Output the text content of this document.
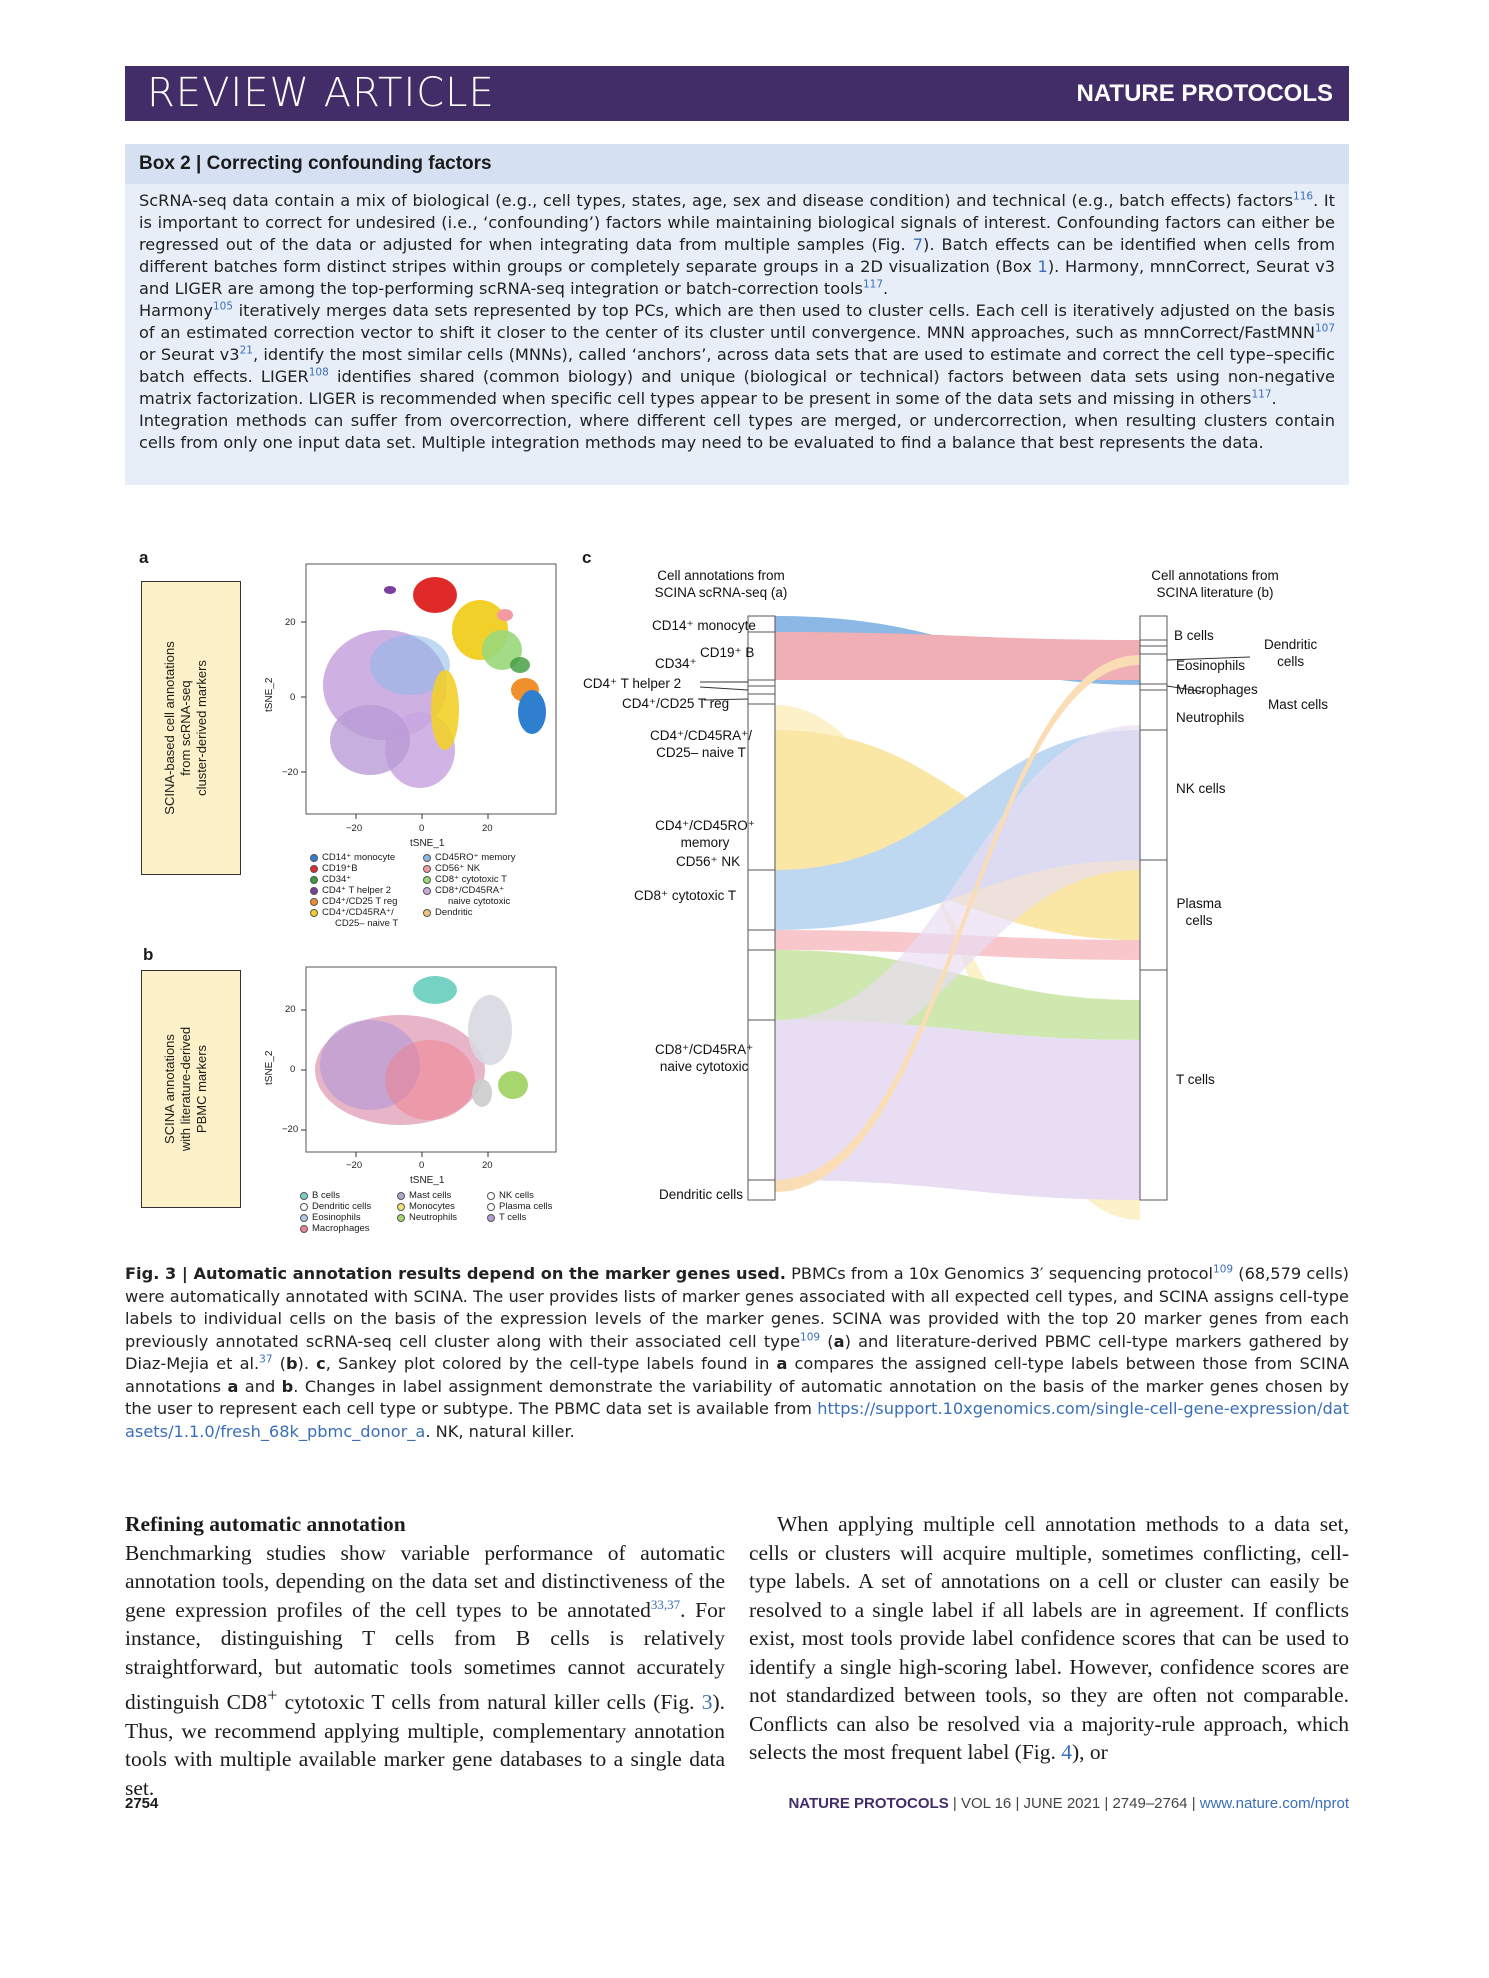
REVIEW ARTICLE	NATURE PROTOCOLS
Box 2 | Correcting confounding factors

ScRNA-seq data contain a mix of biological (e.g., cell types, states, age, sex and disease condition) and technical (e.g., batch effects) factors$^{116}$. It is important to correct for undesired (i.e., ‘confounding’) factors while maintaining biological signals of interest. Confounding factors can either be regressed out of the data or adjusted for when integrating data from multiple samples (Fig. 7). Batch effects can be identified when cells from different batches form distinct stripes within groups or completely separate groups in a 2D visualization (Box 1). Harmony, mnnCorrect, Seurat v3 and LIGER are among the top-performing scRNA-seq integration or batch-correction tools$^{117}$.

Harmony$^{105}$ iteratively merges data sets represented by top PCs, which are then used to cluster cells. Each cell is iteratively adjusted on the basis of an estimated correction vector to shift it closer to the center of its cluster until convergence. MNN approaches, such as mnnCorrect/FastMNN$^{107}$ or Seurat v3$^{21}$, identify the most similar cells (MNNs), called ‘anchors’, across data sets that are used to estimate and correct the cell type–specific batch effects. LIGER$^{108}$ identifies shared (common biology) and unique (biological or technical) factors between data sets using non-negative matrix factorization. LIGER is recommended when specific cell types appear to be present in some of the data sets and missing in others$^{117}$.

Integration methods can suffer from overcorrection, where different cell types are merged, or undercorrection, when resulting clusters contain cells from only one input data set. Multiple integration methods may need to be evaluated to find a balance that best represents the data.

a
b
c
SCINA-based cell annotations from scRNA-seq cluster-derived markers
SCINA annotations with literature-derived PBMC markers
20
0
−20
−20	0	20
tSNE_1
tSNE_2
CD14⁺ monocyte
CD19⁺B
CD34⁺
CD4⁺ T helper 2
CD4⁺/CD25 T reg
CD4⁺/CD45RA⁺/
CD25– naive T
CD45RO⁺ memory
CD56⁺ NK
CD8⁺ cytotoxic T
CD8⁺/CD45RA⁺
naive cytotoxic
Dendritic
20
0
−20
−20	0	20
tSNE_1
tSNE_2
B cells
Dendritic cells
Eosinophils
Macrophages
Mast cells
Monocytes
Neutrophils
NK cells
Plasma cells
T cells
Cell annotations from
SCINA scRNA-seq (a)
Cell annotations from
SCINA literature (b)
CD14⁺ monocyte
CD19⁺ B
CD34⁺
CD4⁺ T helper 2
CD4⁺/CD25 T reg
CD4⁺/CD45RA⁺/
CD25– naive T
CD4⁺/CD45RO⁺
memory
CD56⁺ NK
CD8⁺ cytotoxic T
CD8⁺/CD45RA⁺
naive cytotoxic
Dendritic cells
B cells
Dendritic
cells
Eosinophils
Macrophages
Mast cells
Neutrophils
NK cells
Plasma
cells
T cells
Fig. 3 | Automatic annotation results depend on the marker genes used. PBMCs from a 10x Genomics 3′ sequencing protocol$^{109}$ (68,579 cells) were automatically annotated with SCINA. The user provides lists of marker genes associated with all expected cell types, and SCINA assigns cell-type labels to individual cells on the basis of the expression levels of the marker genes. SCINA was provided with the top 20 marker genes from each previously annotated scRNA-seq cell cluster along with their associated cell type$^{109}$ (a) and literature-derived PBMC cell-type markers gathered by Diaz-Mejia et al.$^{37}$ (b). c, Sankey plot colored by the cell-type labels found in a compares the assigned cell-type labels between those from SCINA annotations a and b. Changes in label assignment demonstrate the variability of automatic annotation on the basis of the marker genes chosen by the user to represent each cell type or subtype. The PBMC data set is available from https://support.10xgenomics.com/single-cell-gene-expression/datasets/1.1.0/fresh_68k_pbmc_donor_a. NK, natural killer.
Refining automatic annotation

Benchmarking studies show variable performance of automatic annotation tools, depending on the data set and distinctiveness of the gene expression profiles of the cell types to be annotated$^{33,37}$. For instance, distinguishing T cells from B cells is relatively straightforward, but automatic tools sometimes cannot accurately distinguish CD8+ cytotoxic T cells from natural killer cells (Fig. 3). Thus, we recommend applying multiple, complementary annotation tools with multiple available marker gene databases to a single data set.

When applying multiple cell annotation methods to a data set, cells or clusters will acquire multiple, sometimes conflicting, cell-type labels. A set of annotations on a cell or cluster can easily be resolved to a single label if all labels are in agreement. If conflicts exist, most tools provide label confidence scores that can be used to identify a single high-scoring label. However, confidence scores are not standardized between tools, so they are often not comparable. Conflicts can also be resolved via a majority-rule approach, which selects the most frequent label (Fig. 4), or

2754	NATURE PROTOCOLS | VOL 16 | JUNE 2021 | 2749–2764 | www.nature.com/nprot
